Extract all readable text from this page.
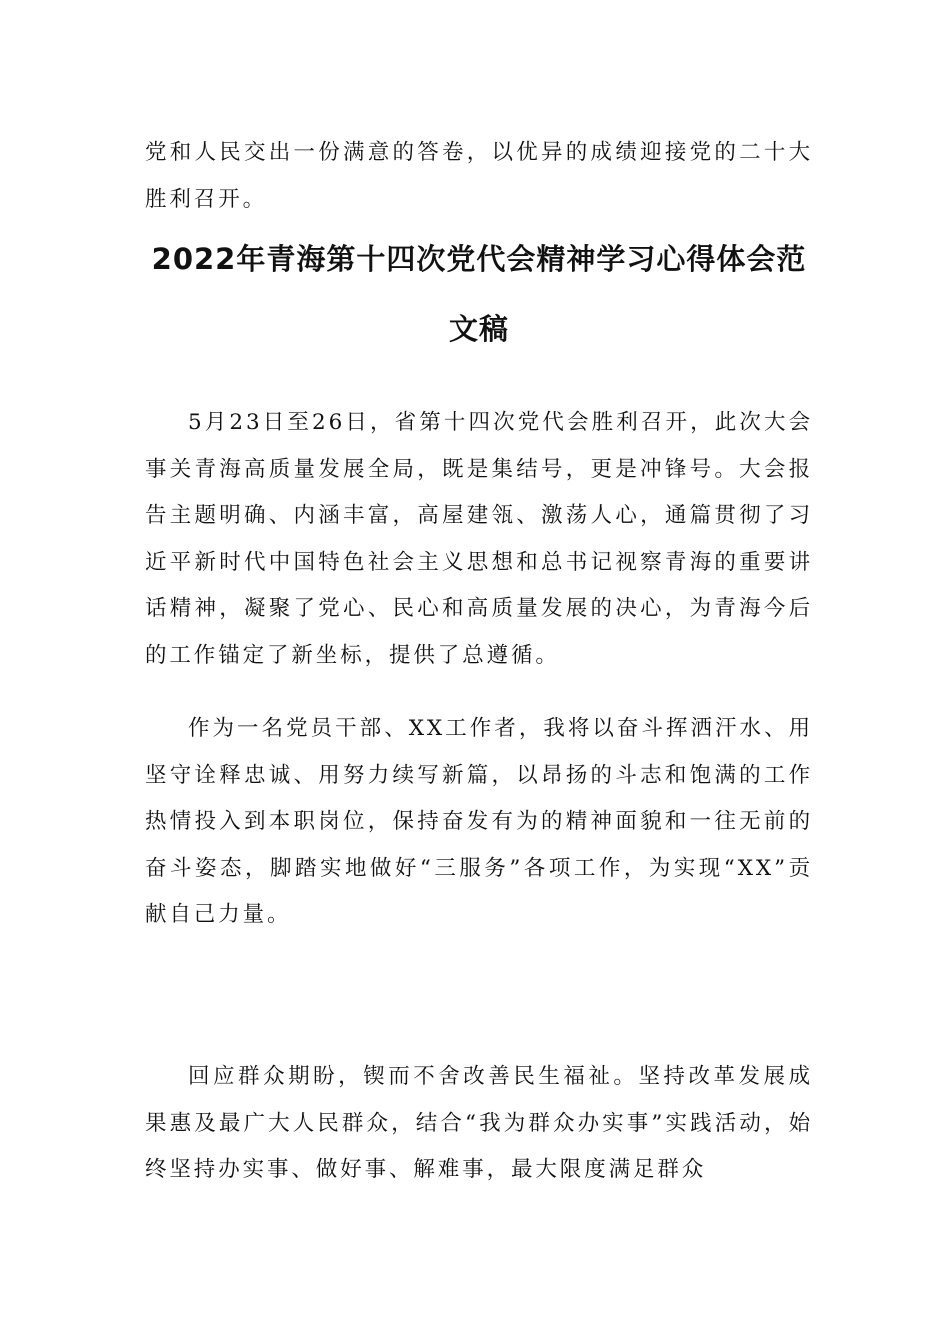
党和人民交出一份满意的答卷，以优异的成绩迎接党的二十大胜利召开。

2022年青海第十四次党代会精神学习心得体会范文稿

5月23日至26日，省第十四次党代会胜利召开，此次大会事关青海高质量发展全局，既是集结号，更是冲锋号。大会报告主题明确、内涵丰富，高屋建瓴、激荡人心，通篇贯彻了习近平新时代中国特色社会主义思想和总书记视察青海的重要讲话精神，凝聚了党心、民心和高质量发展的决心，为青海今后的工作锚定了新坐标，提供了总遵循。

作为一名党员干部、XX工作者，我将以奋斗挥洒汗水、用坚守诠释忠诚、用努力续写新篇，以昂扬的斗志和饱满的工作热情投入到本职岗位，保持奋发有为的精神面貌和一往无前的奋斗姿态，脚踏实地做好“三服务”各项工作，为实现“XX”贡献自己力量。

回应群众期盼，锲而不舍改善民生福祉。坚持改革发展成果惠及最广大人民群众，结合“我为群众办实事”实践活动，始终坚持办实事、做好事、解难事，最大限度满足群众
